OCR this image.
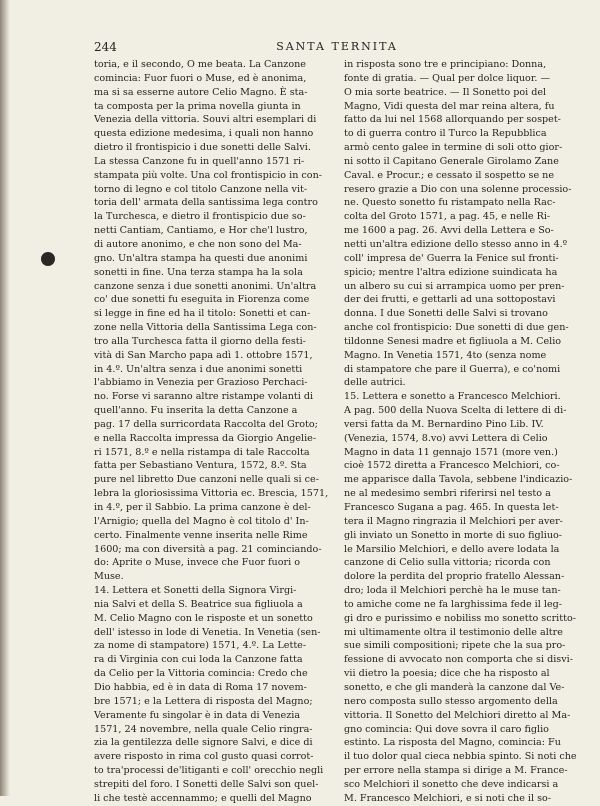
244	SANTA TERNITA
toria, e il secondo, O me beata. La Canzone
comincia: Fuor fuori o Muse, ed è anonima,
ma si sa esserne autore Celio Magno. È sta-
ta composta per la prima novella giunta in
Venezia della vittoria. Souvi altri esemplari di
questa edizione medesima, i quali non hanno
dietro il frontispicio i due sonetti delle Salvi.
La stessa Canzone fu in quell'anno 1571 ri-
stampata più volte. Una col frontispicio in con-
torno di legno e col titolo Canzone nella vit-
toria dell' armata della santissima lega contro
la Turchesca, e dietro il frontispicio due so-
netti Cantiam, Cantiamo, e Hor che'l lustro,
di autore anonimo, e che non sono del Ma-
gno. Un'altra stampa ha questi due anonimi
sonetti in fine. Una terza stampa ha la sola
canzone senza i due sonetti anonimi. Un'altra
co' due sonetti fu eseguita in Fiorenza come
si legge in fine ed ha il titolo: Sonetti et can-
zone nella Vittoria della Santissima Lega con-
tro alla Turchesca fatta il giorno della festi-
vità di San Marcho papa adì 1. ottobre 1571,
in 4.º. Un'altra senza i due anonimi sonetti
l'abbiamo in Venezia per Grazioso Perchaci-
no. Forse vi saranno altre ristampe volanti di
quell'anno. Fu inserita la detta Canzone a
pag. 17 della surricordata Raccolta del Groto;
e nella Raccolta impressa da Giorgio Angelie-
ri 1571, 8.º e nella ristampa di tale Raccolta
fatta per Sebastiano Ventura, 1572, 8.º. Sta
pure nel libretto Due canzoni nelle quali si ce-
lebra la gloriosissima Vittoria ec. Brescia, 1571,
in 4.º, per il Sabbio. La prima canzone è del-
l'Arnigio; quella del Magno è col titolo d' In-
certo. Finalmente venne inserita nelle Rime
1600; ma con diversità a pag. 21 cominciando-
do: Aprite o Muse, invece che Fuor fuori o
Muse.
14. Lettera et Sonetti della Signora Virgi-
nia Salvi et della S. Beatrice sua figliuola a
M. Celio Magno con le risposte et un sonetto
dell' istesso in lode di Venetia. In Venetia (sen-
za nome di stampatore) 1571, 4.º. La Lette-
ra di Virginia con cui loda la Canzone fatta
da Celio per la Vittoria comincia: Credo che
Dio habbia, ed è in data di Roma 17 novem-
bre 1571; e la Lettera di risposta del Magno;
Veramente fu singolar è in data di Venezia
1571, 24 novembre, nella quale Celio ringra-
zia la gentilezza delle signore Salvi, e dice di
avere risposto in rima col gusto quasi corrot-
to tra'processi de'litiganti e coll' orecchio negli
strepiti del foro. I Sonetti delle Salvi son quel-
li che testè accennammo; e quelli del Magno
in risposta sono tre e principiano: Donna,
fonte di gratia. — Qual per dolce liquor. —
O mia sorte beatrice. — Il Sonetto poi del
Magno, Vidi questa del mar reina altera, fu
fatto da lui nel 1568 allorquando per sospet-
to di guerra contro il Turco la Repubblica
armò cento galee in termine di soli otto gior-
ni sotto il Capitano Generale Girolamo Zane
Caval. e Procur.; e cessato il sospetto se ne
resero grazie a Dio con una solenne processio-
ne. Questo sonetto fu ristampato nella Rac-
colta del Groto 1571, a pag. 45, e nelle Ri-
me 1600 a pag. 26. Avvi della Lettera e So-
netti un'altra edizione dello stesso anno in 4.º
coll' impresa de' Guerra la Fenice sul fronti-
spicio; mentre l'altra edizione suindicata ha
un albero su cui si arrampica uomo per pren-
der dei frutti, e gettarli ad una sottopostavi
donna. I due Sonetti delle Salvi si trovano
anche col frontispicio: Due sonetti di due gen-
tildonne Senesi madre et figliuola a M. Celio
Magno. In Venetia 1571, 4to (senza nome
di stampatore che pare il Guerra), e co'nomi
delle autrici.
15. Lettera e sonetto a Francesco Melchiori.
A pag. 500 della Nuova Scelta di lettere di di-
versi fatta da M. Bernardino Pino Lib. IV.
(Venezia, 1574, 8.vo) avvi Lettera di Celio
Magno in data 11 gennajo 1571 (more ven.)
cioè 1572 diretta a Francesco Melchiori, co-
me apparisce dalla Tavola, sebbene l'indicazio-
ne al medesimo sembri riferirsi nel testo a
Francesco Sugana a pag. 465. In questa let-
tera il Magno ringrazia il Melchiori per aver-
gli inviato un Sonetto in morte di suo figliuo-
le Marsilio Melchiori, e dello avere lodata la
canzone di Celio sulla vittoria; ricorda con
dolore la perdita del proprio fratello Alessan-
dro; loda il Melchiori perchè ha le muse tan-
to amiche come ne fa larghissima fede il leg-
gi dro e purissimo e nobiliss mo sonetto scritto-
mi ultimamente oltra il testimonio delle altre
sue simili compositioni; ripete che la sua pro-
fessione di avvocato non comporta che si disvi-
vii dietro la poesia; dice che ha risposto al
sonetto, e che gli manderà la canzone dal Ve-
nero composta sullo stesso argomento della
vittoria. Il Sonetto del Melchiori diretto al Ma-
gno comincia: Qui dove sovra il caro figlio
estinto. La risposta del Magno, comincia: Fu
il tuo dolor qual cieca nebbia spinto. Si noti che
per errore nella stampa si dirige a M. France-
sco Melchiori il sonetto che deve indicarsi a
M. Francesco Melchiori, e si noti che il so-
